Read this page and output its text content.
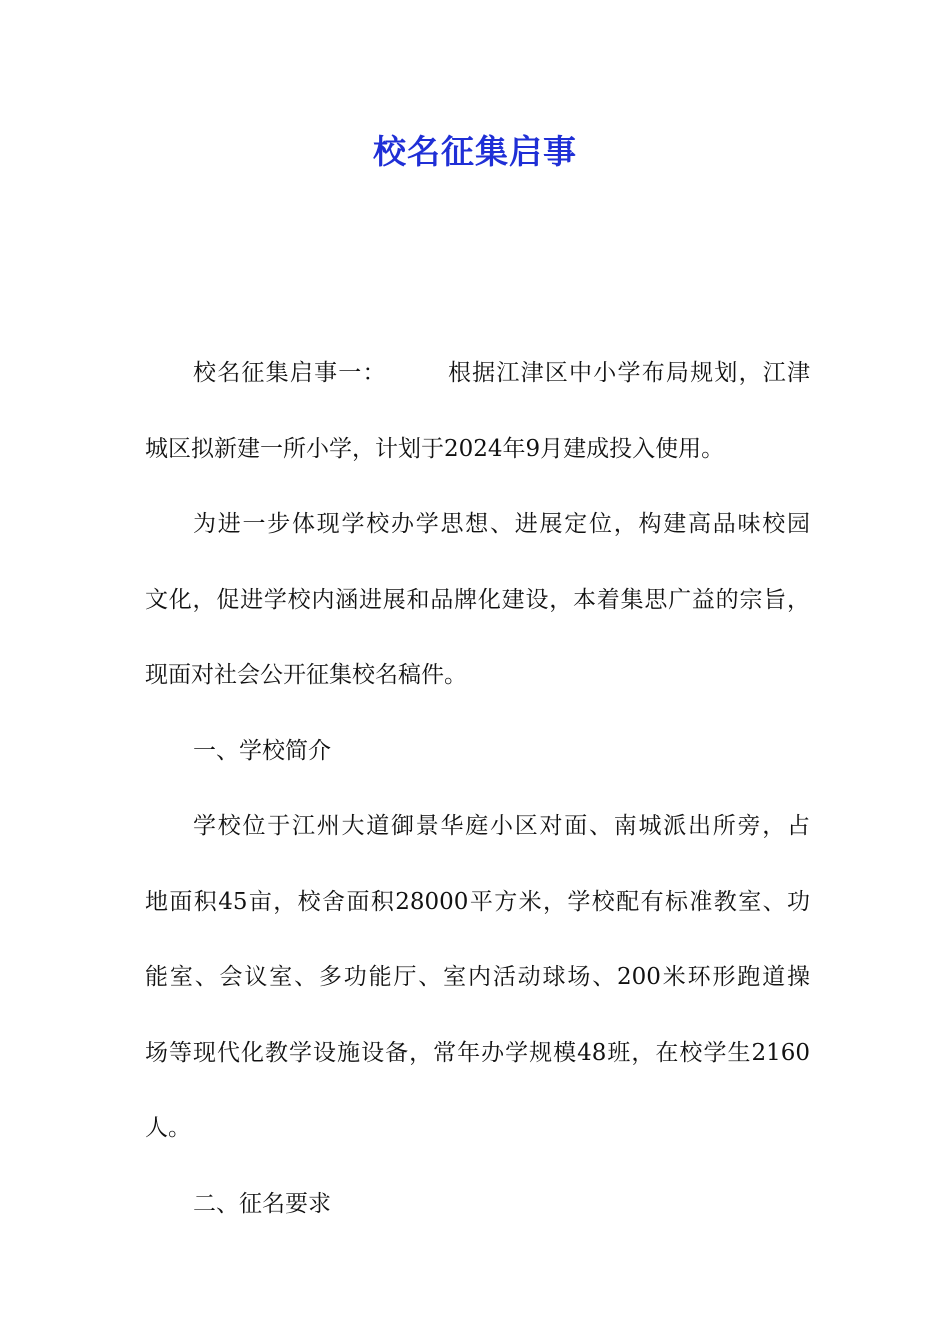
校名征集启事
校名征集启事一：	根据江津区中小学布局规划，江津
城区拟新建一所小学，计划于2024年9月建成投入使用。
为进一步体现学校办学思想、进展定位，构建高品味校园
文化，促进学校内涵进展和品牌化建设，本着集思广益的宗旨，
现面对社会公开征集校名稿件。
一、学校简介
学校位于江州大道御景华庭小区对面、南城派出所旁，占
地面积45亩，校舍面积28000平方米，学校配有标准教室、功
能室、会议室、多功能厅、室内活动球场、200米环形跑道操
场等现代化教学设施设备，常年办学规模48班，在校学生2160
人。
二、征名要求
